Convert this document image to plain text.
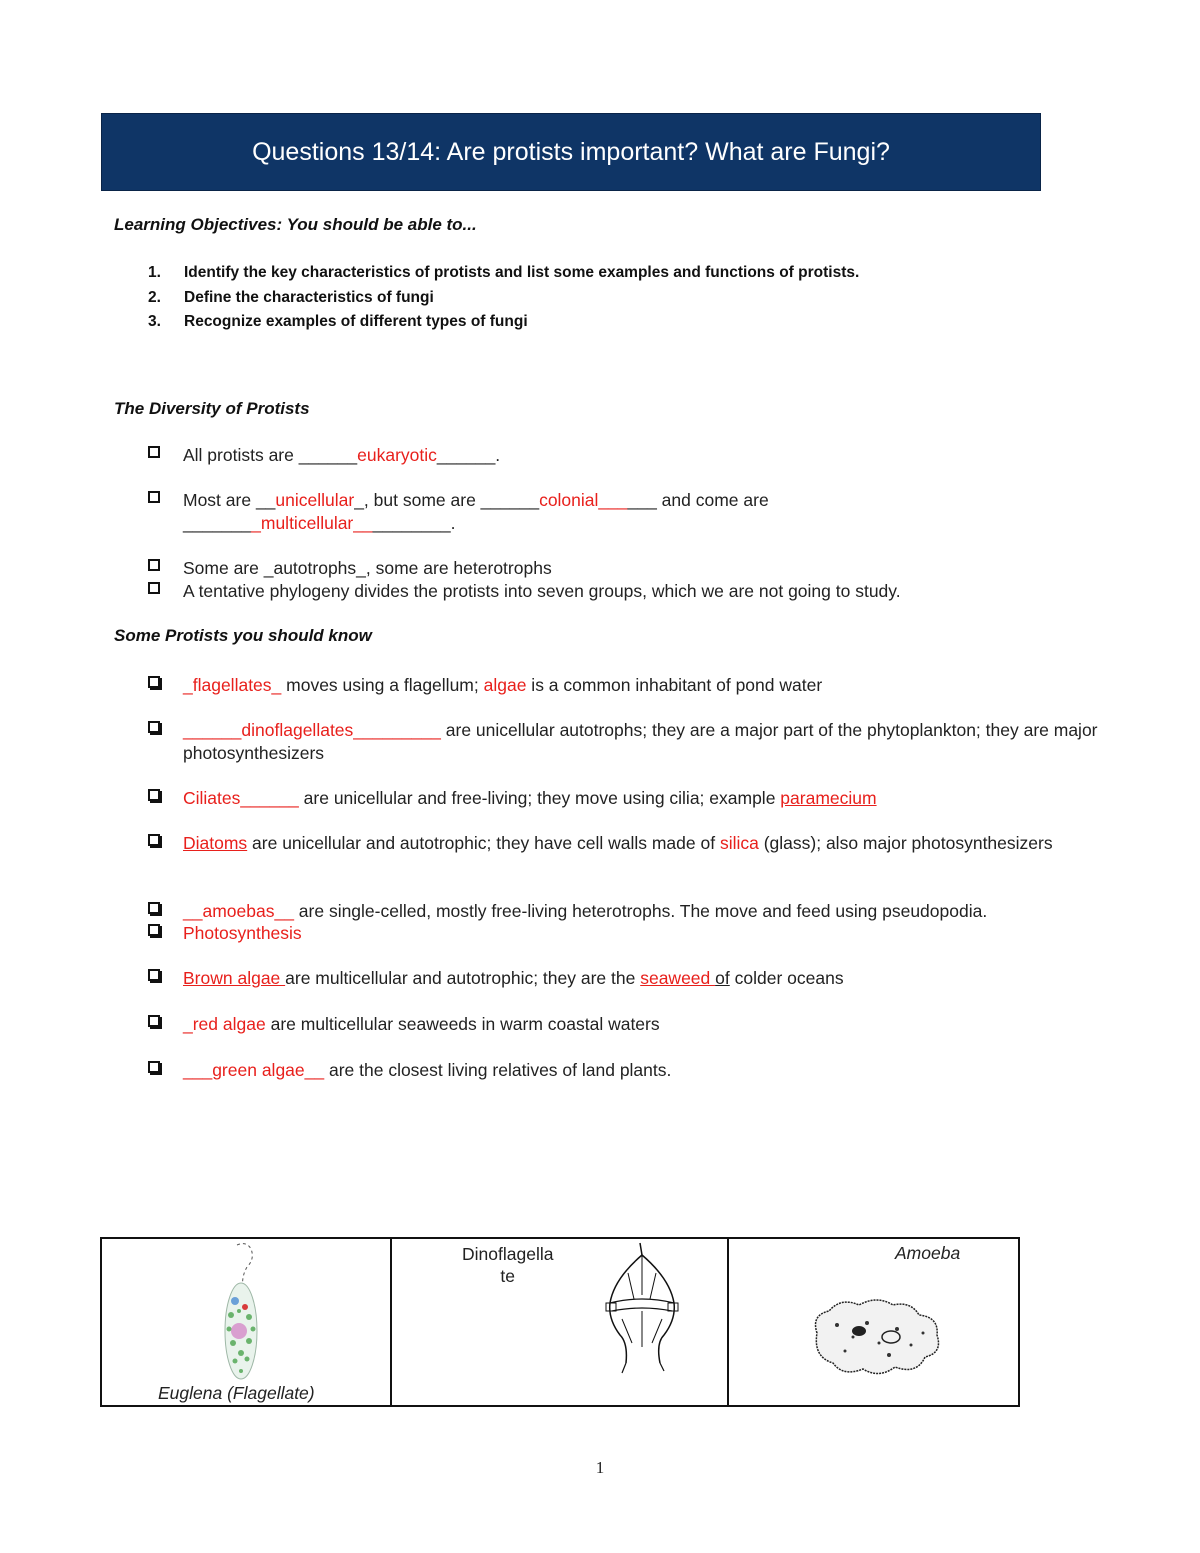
Questions 13/14: Are protists important? What are Fungi?
Learning Objectives: You should be able to...
1.	Identify the key characteristics of protists and list some examples and functions of protists.
2.	Define the characteristics of fungi
3.	Recognize examples of different types of fungi
The Diversity of Protists
All protists are ______eukaryotic______.
Most are __unicellular_, but some are ______colonial______ and come are
________multicellular__________.
Some are _autotrophs_, some are heterotrophs
A tentative phylogeny divides the protists into seven groups, which we are not going to study.
Some Protists you should know
_flagellates_ moves using a flagellum; algae is a common inhabitant of pond water
______dinoflagellates_________ are unicellular autotrophs; they are a major part of the phytoplankton; they are major photosynthesizers
Ciliates______ are unicellular and free-living; they move using cilia; example paramecium
Diatoms are unicellular and autotrophic; they have cell walls made of silica (glass); also major photosynthesizers
__amoebas__ are single-celled, mostly free-living heterotrophs. The move and feed using pseudopodia.
Photosynthesis
Brown algae are multicellular and autotrophic; they are the seaweed of colder oceans
_red algae are multicellular seaweeds in warm coastal waters
___green algae__ are the closest living relatives of land plants.
Euglena (Flagellate)
Dinoflagella
te
Amoeba
1
